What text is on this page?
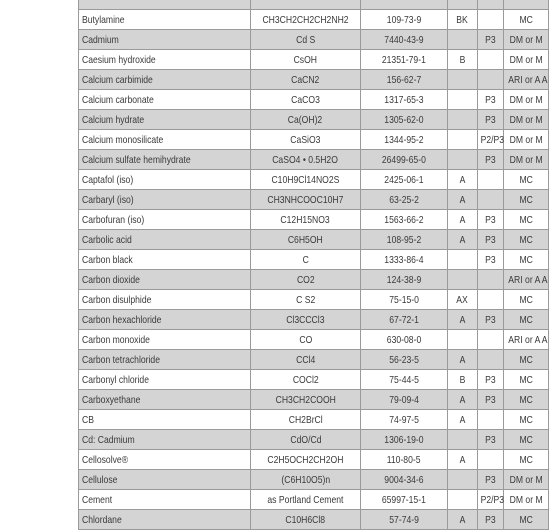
Butylamine	CH3CH2CH2CH2NH2	109-73-9	BK		MC
Cadmium	Cd S	7440-43-9		P3	DM or M
Caesium hydroxide	CsOH	21351-79-1	B		DM or M
Calcium carbimide	CaCN2	156-62-7			ARI or A A
Calcium carbonate	CaCO3	1317-65-3		P3	DM or M
Calcium hydrate	Ca(OH)2	1305-62-0		P3	DM or M
Calcium monosilicate	CaSiO3	1344-95-2		P2/P3	DM or M
Calcium sulfate hemihydrate	CaSO4 • 0.5H2O	26499-65-0		P3	DM or M
Captafol (iso)	C10H9Cl14NO2S	2425-06-1	A		MC
Carbaryl (iso)	CH3NHCOOC10H7	63-25-2	A		MC
Carbofuran (iso)	C12H15NO3	1563-66-2	A	P3	MC
Carbolic acid	C6H5OH	108-95-2	A	P3	MC
Carbon black	C	1333-86-4		P3	MC
Carbon dioxide	CO2	124-38-9			ARI or A A
Carbon disulphide	C S2	75-15-0	AX		MC
Carbon hexachloride	Cl3CCCl3	67-72-1	A	P3	MC
Carbon monoxide	CO	630-08-0			ARI or A A
Carbon tetrachloride	CCl4	56-23-5	A		MC
Carbonyl chloride	COCl2	75-44-5	B	P3	MC
Carboxyethane	CH3CH2COOH	79-09-4	A	P3	MC
CB	CH2BrCl	74-97-5	A		MC
Cd: Cadmium	CdO/Cd	1306-19-0		P3	MC
Cellosolve®	C2H5OCH2CH2OH	110-80-5	A		MC
Cellulose	(C6H10O5)n	9004-34-6		P3	DM or M
Cement	as Portland Cement	65997-15-1		P2/P3	DM or M
Chlordane	C10H6Cl8	57-74-9	A	P3	MC
